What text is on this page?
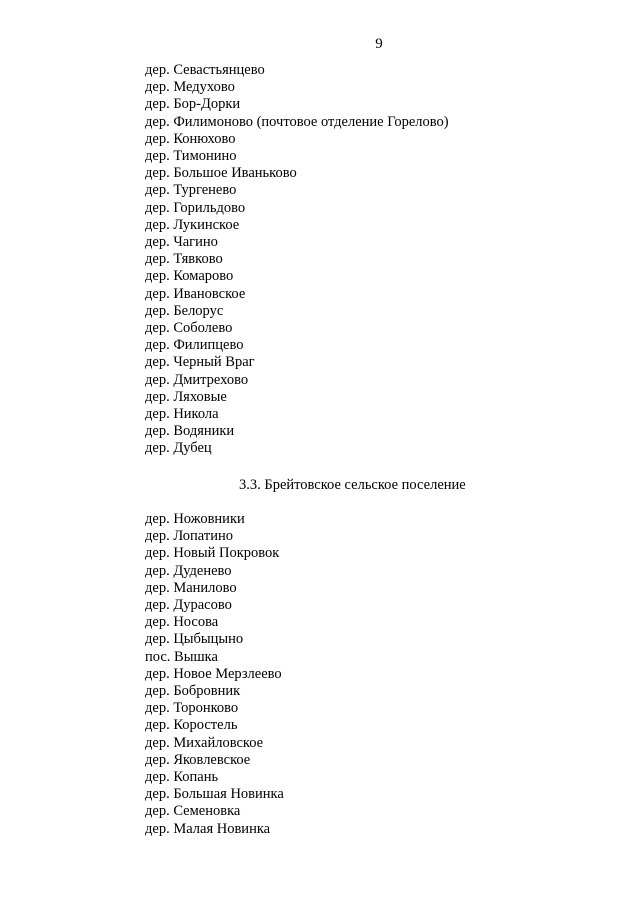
9
дер. Севастьянцево
дер. Медухово
дер. Бор-Дорки
дер. Филимоново (почтовое отделение Горелово)
дер. Конюхово
дер. Тимонино
дер. Большое Иваньково
дер. Тургенево
дер. Горильдово
дер. Лукинское
дер. Чагино
дер. Тявково
дер. Комарово
дер. Ивановское
дер. Белорус
дер. Соболево
дер. Филипцево
дер. Черный Враг
дер. Дмитрехово
дер. Ляховые
дер. Никола
дер. Водяники
дер. Дубец
3.3. Брейтовское сельское поселение
дер. Ножовники
дер. Лопатино
дер. Новый Покровок
дер. Дуденево
дер. Манилово
дер. Дурасово
дер. Носова
дер. Цыбыцыно
пос. Вышка
дер. Новое Мерзлеево
дер. Бобровник
дер. Торонково
дер. Коростель
дер. Михайловское
дер. Яковлевское
дер. Копань
дер. Большая Новинка
дер. Семеновка
дер. Малая Новинка
